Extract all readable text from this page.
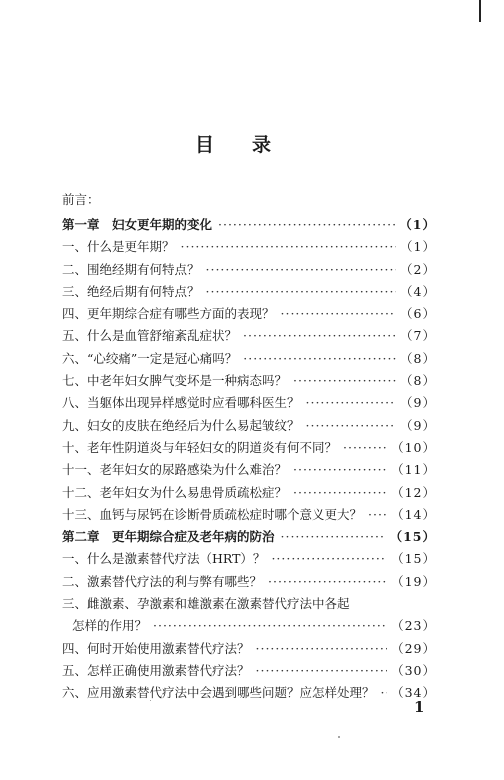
目录
前言：
第一章　妇女更年期的变化 ·····	（1）
一、什么是更年期？ ·····	（1）
二、围绝经期有何特点？ ·····	（2）
三、绝经后期有何特点？ ·····	（4）
四、更年期综合症有哪些方面的表现？ ·····	（6）
五、什么是血管舒缩紊乱症状？ ·····	（7）
六、“心绞痛”一定是冠心痛吗？ ·····	（8）
七、中老年妇女脾气变坏是一种病态吗？ ·····	（8）
八、当躯体出现异样感觉时应看哪科医生？ ·····	（9）
九、妇女的皮肤在绝经后为什么易起皱纹？ ·····	（9）
十、老年性阴道炎与年轻妇女的阴道炎有何不同？ ·····	（10）
十一、老年妇女的尿路感染为什么难治？ ·····	（11）
十二、老年妇女为什么易患骨质疏松症？ ·····	（12）
十三、血钙与尿钙在诊断骨质疏松症时哪个意义更大？ ····· （14）
第二章　更年期综合症及老年病的防治 ·····	（15）
一、什么是激素替代疗法（HRT）？ ·····	（15）
二、激素替代疗法的利与弊有哪些？ ·····	（19）
三、雌激素、孕激素和雄激素在激素替代疗法中各起
怎样的作用？ ·····	（23）
四、何时开始使用激素替代疗法？ ·····	（29）
五、怎样正确使用激素替代疗法？ ·····	（30）
六、应用激素替代疗法中会遇到哪些问题？应怎样处理？ ····· （34）
1
